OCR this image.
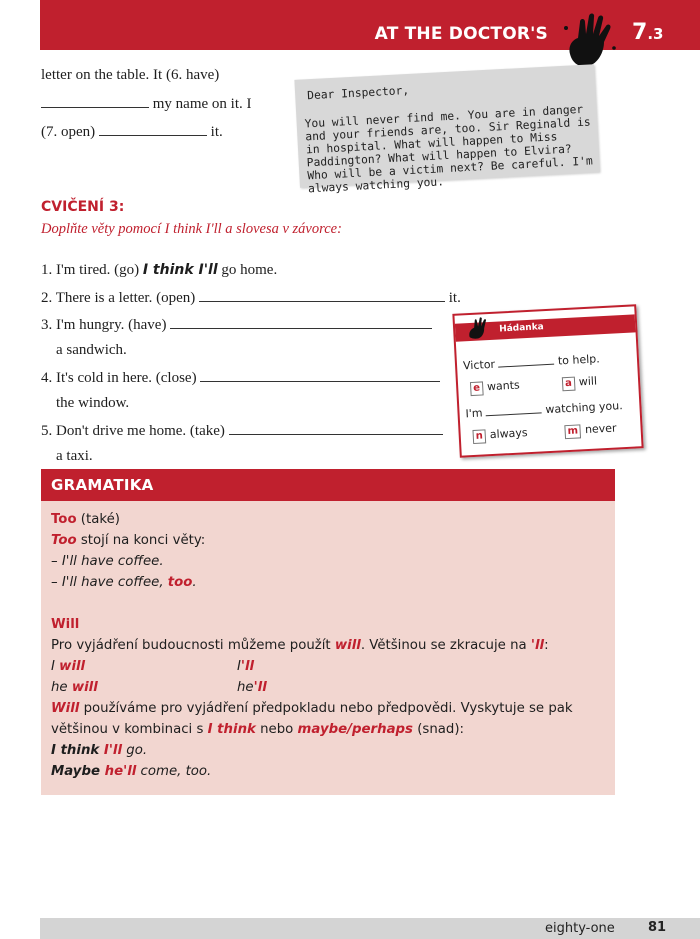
AT THE DOCTOR'S	7.3
letter on the table. It (6. have)
my name on it. I
(7. open)	it.
Dear Inspector,
You will never find me. You are in danger and your friends are, too. Sir Reginald is in hospital. What will happen to Miss Paddington? What will happen to Elvira? Who will be a victim next? Be careful. I'm always watching you.
CVIČENÍ 3:
Doplňte věty pomocí I think I'll a slovesa v závorce:
1. I'm tired. (go) I think I'll go home.
2. There is a letter. (open)	it.
3. I'm hungry. (have)
a sandwich.
4. It's cold in here. (close)
the window.
5. Don't drive me home. (take)
a taxi.
Hádanka
Victor	to help.
e wants	a will
I'm	watching you.
n always	m never
GRAMATIKA
Too (také)
Too stojí na konci věty:
– I'll have coffee.
– I'll have coffee, too.
Will
Pro vyjádření budoucnosti můžeme použít will. Většinou se zkracuje na 'll:
I will	I'll
he will	he'll
Will používáme pro vyjádření předpokladu nebo předpovědi. Vyskytuje se pak
většinou v kombinaci s I think nebo maybe/perhaps (snad):
I think I'll go.
Maybe he'll come, too.
eighty-one	81
